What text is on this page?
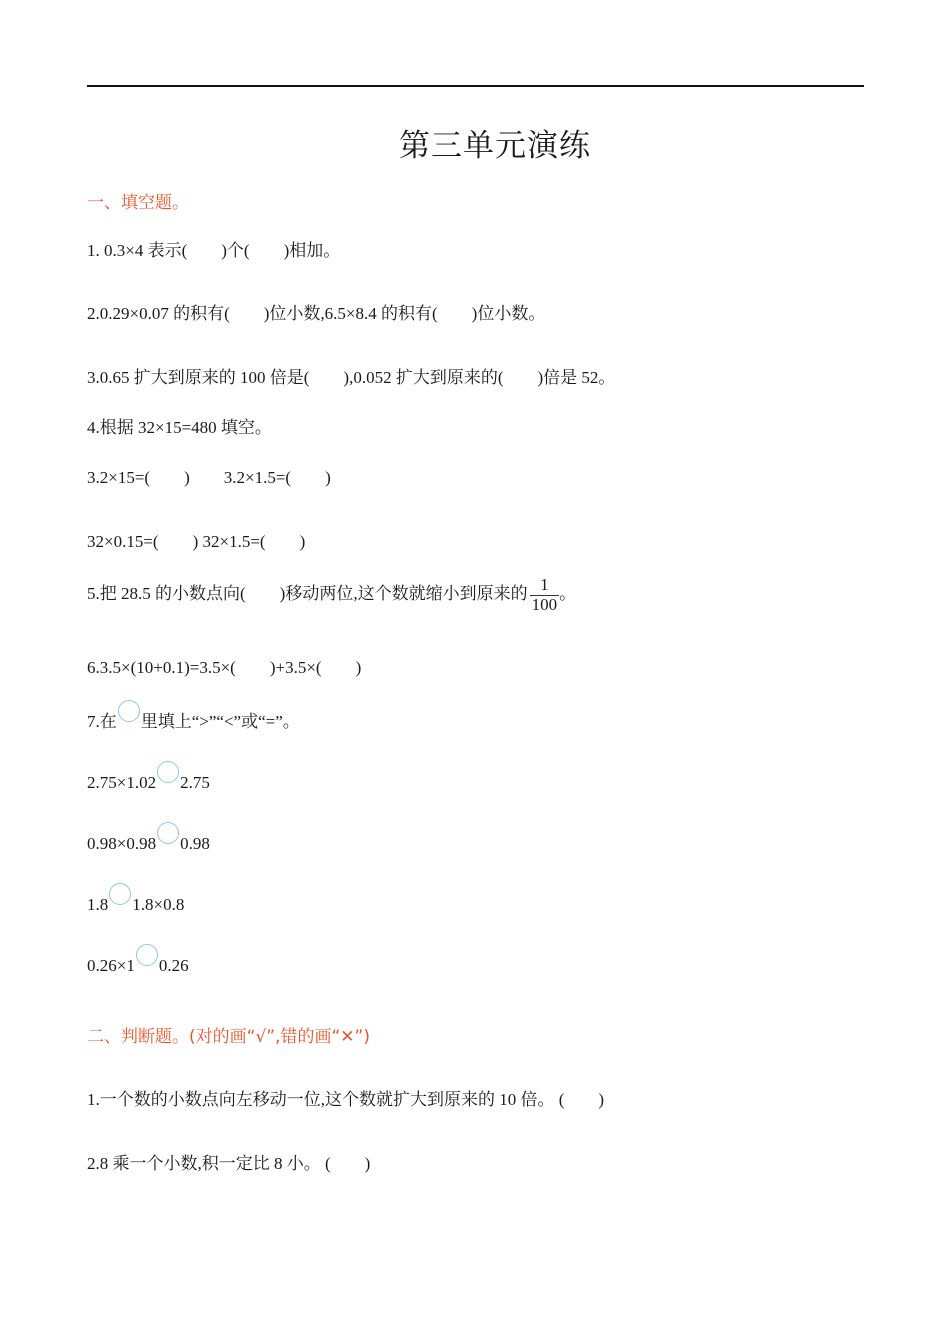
第三单元演练
一、填空题。
1. 0.3×4 表示(　　)个(　　)相加。
2.0.29×0.07 的积有(　　)位小数,6.5×8.4 的积有(　　)位小数。
3.0.65 扩大到原来的 100 倍是(　　),0.052 扩大到原来的(　　)倍是 52。
4.根据 32×15=480 填空。
3.2×15=(　　)　　3.2×1.5=(　　)
32×0.15=(　　) 32×1.5=(　　)
5.把 28.5 的小数点向(　　)移动两位,这个数就缩小到原来的 $\frac{1}{100}$ 。
6.3.5×(10+0.1)=3.5×(　　)+3.5×(　　)
7.在 里填上“>”“<”或“=”。
2.75×1.02 2.75
0.98×0.98 0.98
1.8 1.8×0.8
0.26×1 0.26
二、判断题。(对的画“√”,错的画“✕”)
1.一个数的小数点向左移动一位,这个数就扩大到原来的 10 倍。 (　　)
2.8 乘一个小数,积一定比 8 小。 (　　)
